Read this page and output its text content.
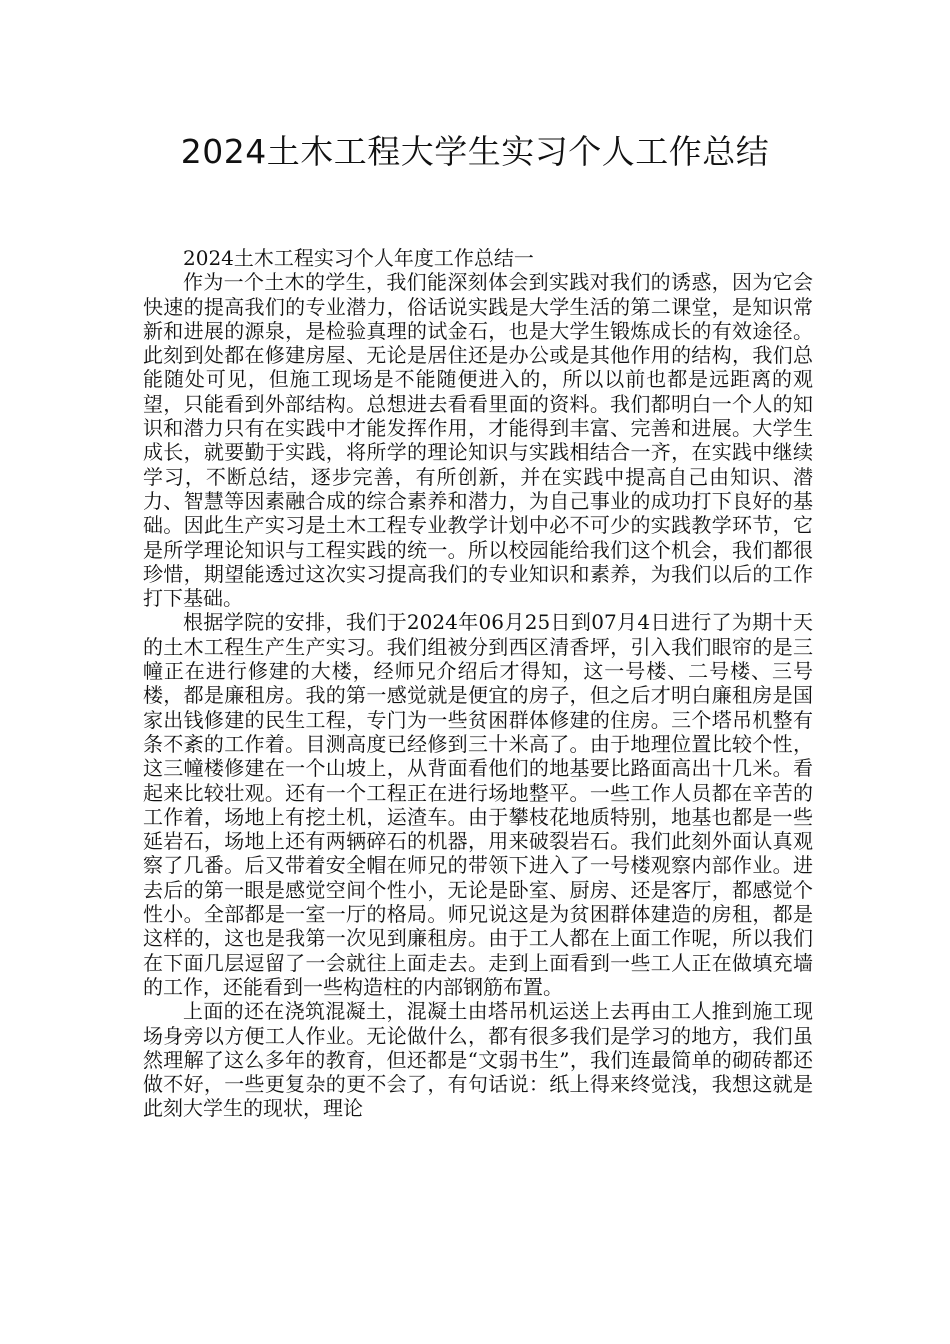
2024土木工程大学生实习个人工作总结

2024土木工程实习个人年度工作总结一

作为一个土木的学生，我们能深刻体会到实践对我们的诱惑，因为它会快速的提高我们的专业潜力，俗话说实践是大学生活的第二课堂，是知识常新和进展的源泉，是检验真理的试金石，也是大学生锻炼成长的有效途径。此刻到处都在修建房屋、无论是居住还是办公或是其他作用的结构，我们总能随处可见，但施工现场是不能随便进入的，所以以前也都是远距离的观望，只能看到外部结构。总想进去看看里面的资料。我们都明白一个人的知识和潜力只有在实践中才能发挥作用，才能得到丰富、完善和进展。大学生成长，就要勤于实践，将所学的理论知识与实践相结合一齐，在实践中继续学习，不断总结，逐步完善，有所创新，并在实践中提高自己由知识、潜力、智慧等因素融合成的综合素养和潜力，为自己事业的成功打下良好的基础。因此生产实习是土木工程专业教学计划中必不可少的实践教学环节，它是所学理论知识与工程实践的统一。所以校园能给我们这个机会，我们都很珍惜，期望能透过这次实习提高我们的专业知识和素养，为我们以后的工作打下基础。

根据学院的安排，我们于2024年06月25日到07月4日进行了为期十天的土木工程生产生产实习。我们组被分到西区清香坪，引入我们眼帘的是三幢正在进行修建的大楼，经师兄介绍后才得知，这一号楼、二号楼、三号楼，都是廉租房。我的第一感觉就是便宜的房子，但之后才明白廉租房是国家出钱修建的民生工程，专门为一些贫困群体修建的住房。三个塔吊机整有条不紊的工作着。目测高度已经修到三十米高了。由于地理位置比较个性，这三幢楼修建在一个山坡上，从背面看他们的地基要比路面高出十几米。看起来比较壮观。还有一个工程正在进行场地整平。一些工作人员都在辛苦的工作着，场地上有挖土机，运渣车。由于攀枝花地质特别，地基也都是一些延岩石，场地上还有两辆碎石的机器，用来破裂岩石。我们此刻外面认真观察了几番。后又带着安全帽在师兄的带领下进入了一号楼观察内部作业。进去后的第一眼是感觉空间个性小，无论是卧室、厨房、还是客厅，都感觉个性小。全部都是一室一厅的格局。师兄说这是为贫困群体建造的房租，都是这样的，这也是我第一次见到廉租房。由于工人都在上面工作呢，所以我们在下面几层逗留了一会就往上面走去。走到上面看到一些工人正在做填充墙的工作，还能看到一些构造柱的内部钢筋布置。

上面的还在浇筑混凝土，混凝土由塔吊机运送上去再由工人推到施工现场身旁以方便工人作业。无论做什么，都有很多我们是学习的地方，我们虽然理解了这么多年的教育，但还都是“文弱书生”，我们连最简单的砌砖都还做不好，一些更复杂的更不会了，有句话说：纸上得来终觉浅，我想这就是此刻大学生的现状，理论
